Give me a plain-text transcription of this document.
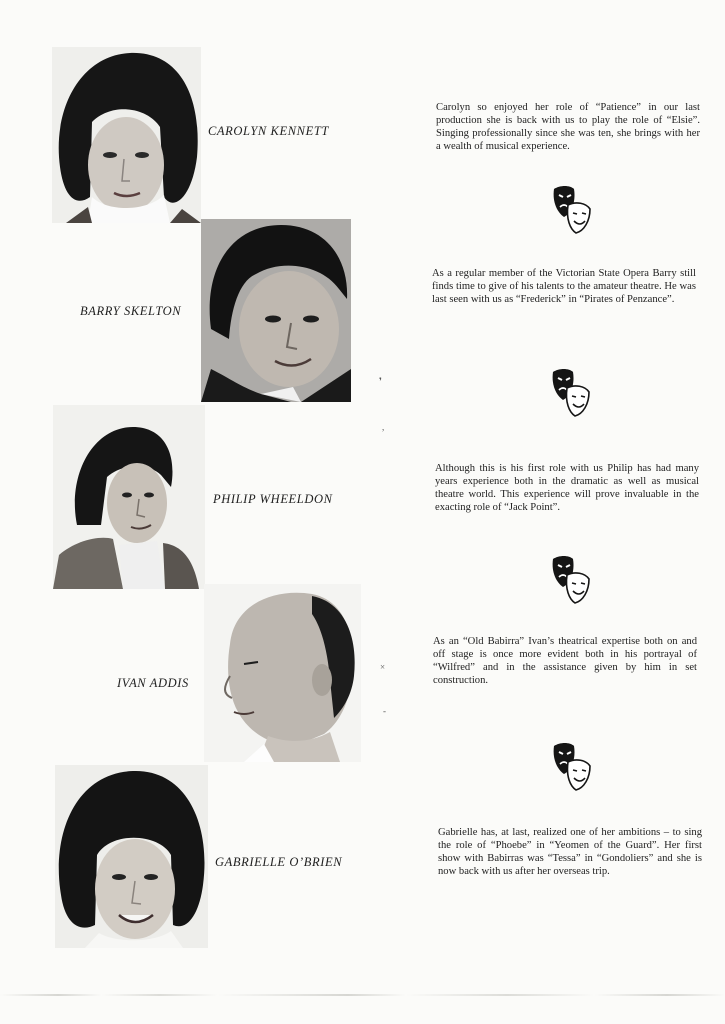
CAROLYN KENNETT
Carolyn so enjoyed her role of “Patience” in our last production she is back with us to play the role of “Elsie”. Singing professionally since she was ten, she brings with her a wealth of musical experience.
BARRY SKELTON
As a regular member of the Victorian State Opera Barry still finds time to give of his talents to the amateur theatre. He was last seen with us as “Frederick” in “Pirates of Penzance”.
❜
,
PHILIP WHEELDON
Although this is his first role with us Philip has had many years experience both in the dramatic as well as musical theatre world. This experience will prove invaluable in the exacting role of “Jack Point”.
IVAN ADDIS
As an “Old Babirra” Ivan’s theatrical expertise both on and off stage is once more evident both in his portrayal of “Wilfred” and in the assistance given by him in set construction.
×
-
GABRIELLE O’BRIEN
Gabrielle has, at last, realized one of her ambitions – to sing the role of “Phoebe” in “Yeomen of the Guard”. Her first show with Babirras was “Tessa” in “Gondoliers” and she is now back with us after her overseas trip.
